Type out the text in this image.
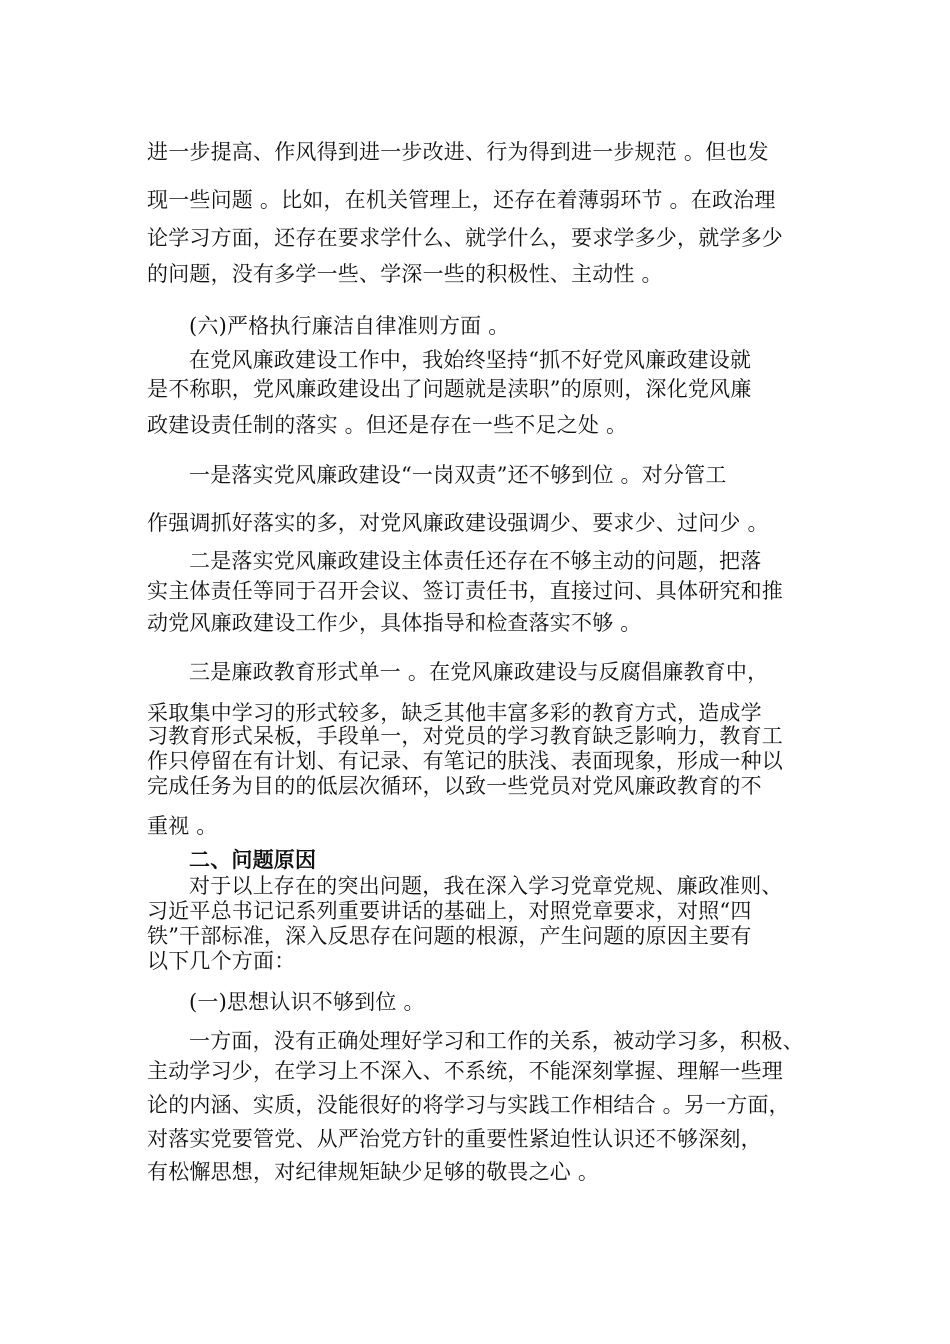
进一步提高、作风得到进一步改进、行为得到进一步规范 。但也发
现一些问题 。比如，在机关管理上，还存在着薄弱环节 。在政治理
论学习方面，还存在要求学什么、就学什么，要求学多少，就学多少
的问题，没有多学一些、学深一些的积极性、主动性 。
(六)严格执行廉洁自律准则方面 。
在党风廉政建设工作中，我始终坚持“抓不好党风廉政建设就
是不称职，党风廉政建设出了问题就是渎职”的原则，深化党风廉
政建设责任制的落实 。但还是存在一些不足之处 。
一是落实党风廉政建设“一岗双责”还不够到位 。对分管工
作强调抓好落实的多，对党风廉政建设强调少、要求少、过问少 。
二是落实党风廉政建设主体责任还存在不够主动的问题，把落
实主体责任等同于召开会议、签订责任书，直接过问、具体研究和推
动党风廉政建设工作少，具体指导和检查落实不够 。
三是廉政教育形式单一 。在党风廉政建设与反腐倡廉教育中，
采取集中学习的形式较多，缺乏其他丰富多彩的教育方式，造成学
习教育形式呆板，手段单一，对党员的学习教育缺乏影响力，教育工
作只停留在有计划、有记录、有笔记的肤浅、表面现象，形成一种以
完成任务为目的的低层次循环，以致一些党员对党风廉政教育的不
重视 。
二、问题原因
对于以上存在的突出问题，我在深入学习党章党规、廉政准则、
习近平总书记记系列重要讲话的基础上，对照党章要求，对照“四
铁”干部标准，深入反思存在问题的根源，产生问题的原因主要有
以下几个方面：
(一)思想认识不够到位 。
一方面，没有正确处理好学习和工作的关系，被动学习多，积极、
主动学习少，在学习上不深入、不系统，不能深刻掌握、理解一些理
论的内涵、实质，没能很好的将学习与实践工作相结合 。另一方面，
对落实党要管党、从严治党方针的重要性紧迫性认识还不够深刻，
有松懈思想，对纪律规矩缺少足够的敬畏之心 。
